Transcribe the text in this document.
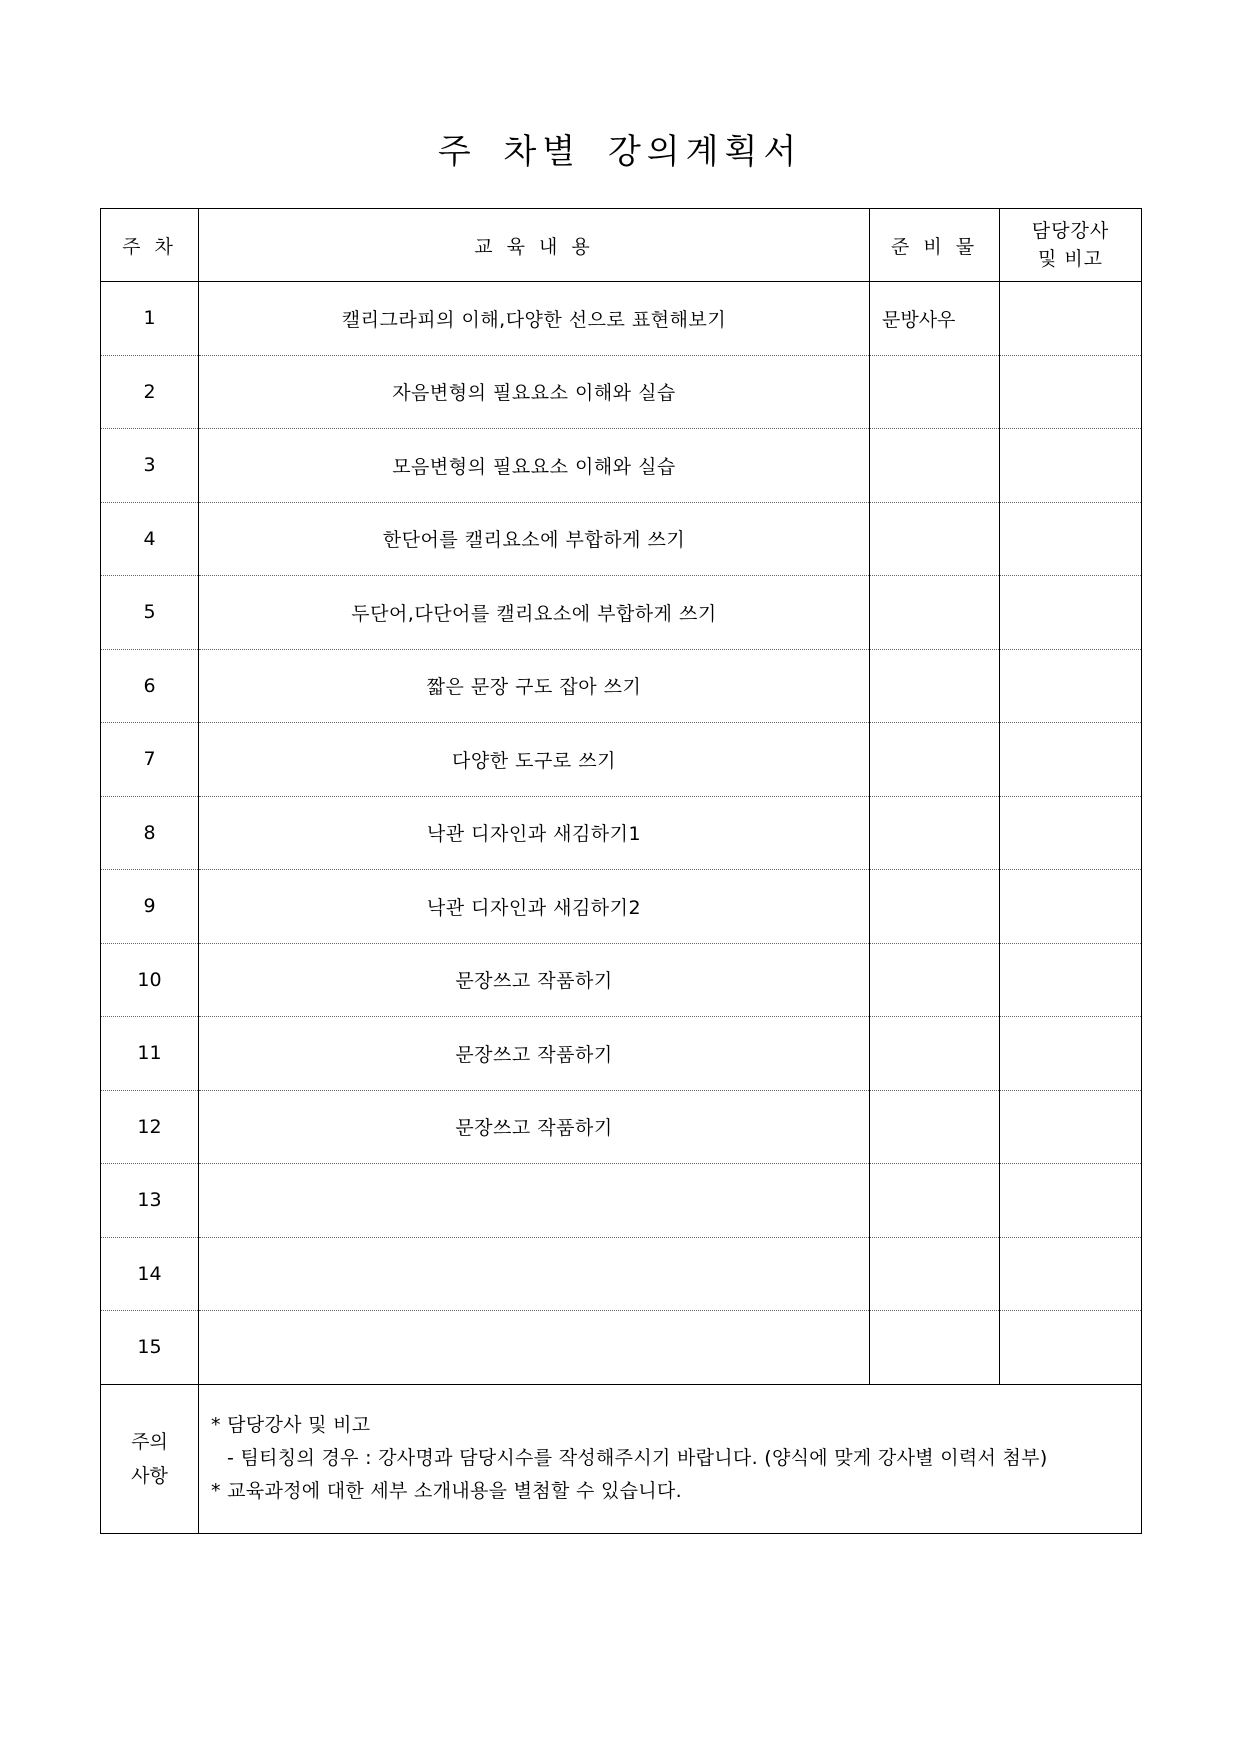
주 차별 강의계획서
주 차	교 육 내 용	준 비 물	담당강사
및 비고
1	캘리그라피의 이해,다양한 선으로 표현해보기	문방사우	
2	자음변형의 필요요소 이해와 실습		
3	모음변형의 필요요소 이해와 실습		
4	한단어를 캘리요소에 부합하게 쓰기		
5	두단어,다단어를 캘리요소에 부합하게 쓰기		
6	짧은 문장 구도 잡아 쓰기		
7	다양한 도구로 쓰기		
8	낙관 디자인과 새김하기1		
9	낙관 디자인과 새김하기2		
10	문장쓰고 작품하기		
11	문장쓰고 작품하기		
12	문장쓰고 작품하기		
13			
14			
15			
주의
사항	* 담당강사 및 비고
- 팀티칭의 경우 : 강사명과 담당시수를 작성해주시기 바랍니다. (양식에 맞게 강사별 이력서 첨부)
* 교육과정에 대한 세부 소개내용을 별첨할 수 있습니다.		
